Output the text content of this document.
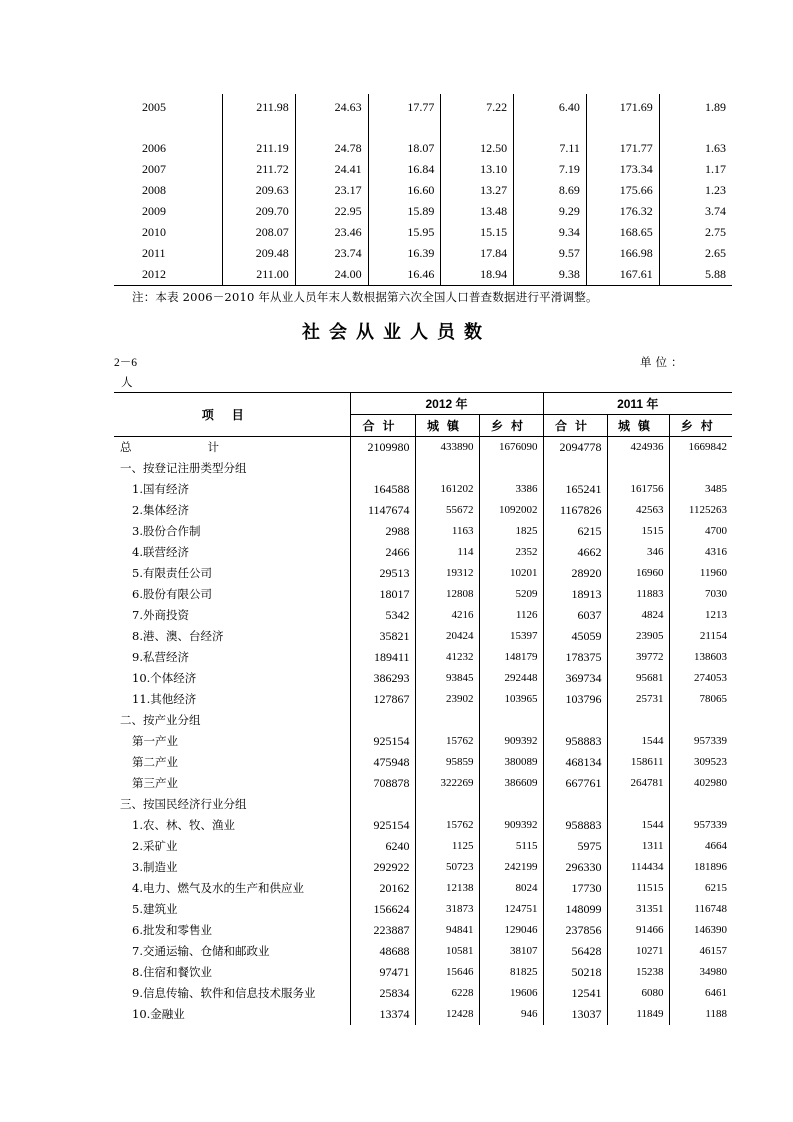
2005	211.98	24.63	17.77	7.22	6.40	171.69	1.89

2006	211.19	24.78	18.07	12.50	7.11	171.77	1.63
2007	211.72	24.41	16.84	13.10	7.19	173.34	1.17
2008	209.63	23.17	16.60	13.27	8.69	175.66	1.23
2009	209.70	22.95	15.89	13.48	9.29	176.32	3.74
2010	208.07	23.46	15.95	15.15	9.34	168.65	2.75
2011	209.48	23.74	16.39	17.84	9.57	166.98	2.65
2012	211.00	24.00	16.46	18.94	9.38	167.61	5.88
注：本表 2006－2010 年从业人员年末人数根据第六次全国人口普查数据进行平滑调整。
社会从业人员数
2－6	单位：
人
项目	2012 年			2011 年		
	合计	城镇	乡村	合计	城镇	乡村
总 计	2109980	433890	1676090	2094778	424936	1669842
一、按登记注册类型分组						
1.国有经济	164588	161202	3386	165241	161756	3485
2.集体经济	1147674	55672	1092002	1167826	42563	1125263
3.股份合作制	2988	1163	1825	6215	1515	4700
4.联营经济	2466	114	2352	4662	346	4316
5.有限责任公司	29513	19312	10201	28920	16960	11960
6.股份有限公司	18017	12808	5209	18913	11883	7030
7.外商投资	5342	4216	1126	6037	4824	1213
8.港、澳、台经济	35821	20424	15397	45059	23905	21154
9.私营经济	189411	41232	148179	178375	39772	138603
10.个体经济	386293	93845	292448	369734	95681	274053
11.其他经济	127867	23902	103965	103796	25731	78065
二、按产业分组						
第一产业	925154	15762	909392	958883	1544	957339
第二产业	475948	95859	380089	468134	158611	309523
第三产业	708878	322269	386609	667761	264781	402980
三、按国民经济行业分组						
1.农、林、牧、渔业	925154	15762	909392	958883	1544	957339
2.采矿业	6240	1125	5115	5975	1311	4664
3.制造业	292922	50723	242199	296330	114434	181896
4.电力、燃气及水的生产和供应业	20162	12138	8024	17730	11515	6215
5.建筑业	156624	31873	124751	148099	31351	116748
6.批发和零售业	223887	94841	129046	237856	91466	146390
7.交通运输、仓储和邮政业	48688	10581	38107	56428	10271	46157
8.住宿和餐饮业	97471	15646	81825	50218	15238	34980
9.信息传输、软件和信息技术服务业	25834	6228	19606	12541	6080	6461
10.金融业	13374	12428	946	13037	11849	1188
